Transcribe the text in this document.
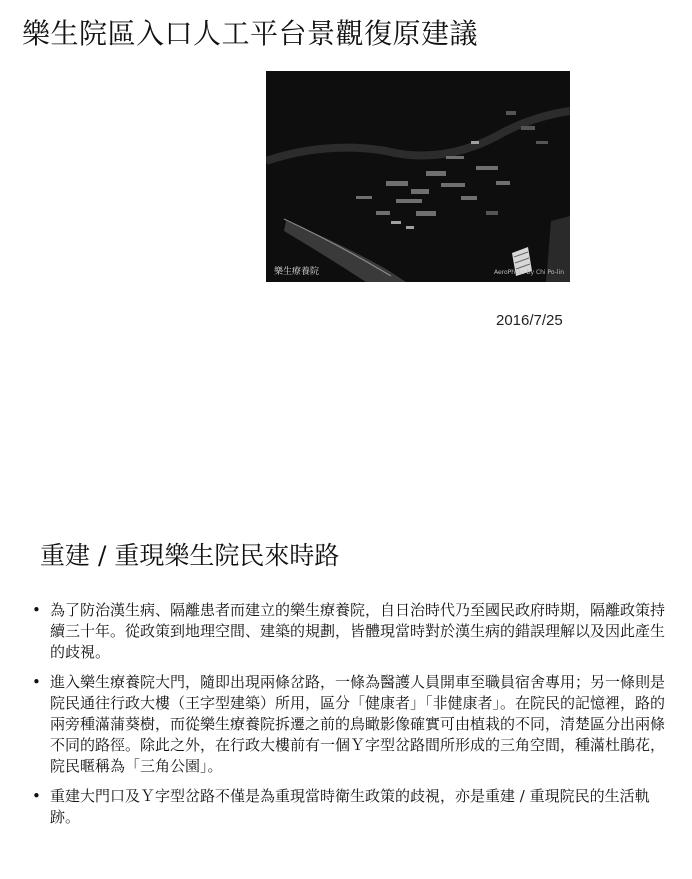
樂生院區入口人工平台景觀復原建議
樂生療養院	AeroPhoto by Chi Po-lin
2016/7/25
重建 / 重現樂生院民來時路
• 為了防治漢生病、隔離患者而建立的樂生療養院，自日治時代乃至國民政府時期，隔離政策持續三十年。從政策到地理空間、建築的規劃，皆體現當時對於漢生病的錯誤理解以及因此產生的歧視。
• 進入樂生療養院大門，隨即出現兩條岔路，一條為醫護人員開車至職員宿舍專用；另一條則是院民通往行政大樓（王字型建築）所用，區分「健康者」「非健康者」。在院民的記憶裡，路的兩旁種滿蒲葵樹，而從樂生療養院拆遷之前的鳥瞰影像確實可由植栽的不同，清楚區分出兩條不同的路徑。除此之外，在行政大樓前有一個Ｙ字型岔路間所形成的三角空間，種滿杜鵑花，院民暱稱為「三角公園」。
• 重建大門口及Ｙ字型岔路不僅是為重現當時衛生政策的歧視，亦是重建 / 重現院民的生活軌跡。
